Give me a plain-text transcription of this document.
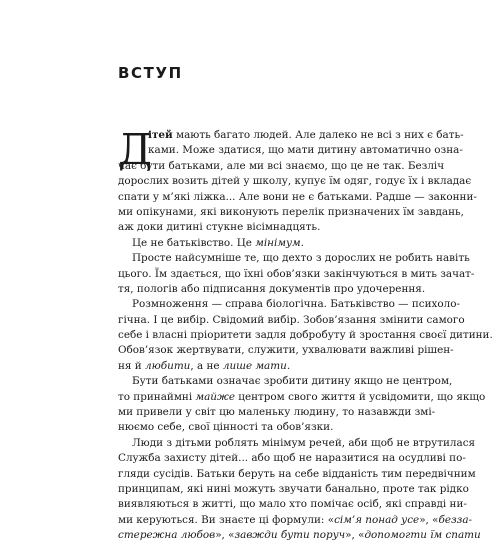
ВСТУП
Д
ітей мають багато людей. Але далеко не всі з них є бать-
ками. Може здатися, що мати дитину автоматично озна-
чає бути батьками, але ми всі знаємо, що це не так. Безліч
дорослих возить дітей у школу, купує їм одяг, годує їх і вкладає
спати у м’які ліжка... Але вони не є батьками. Радше — законни-
ми опікунами, які виконують перелік призначених їм завдань,
аж доки дитині стукне вісімнадцять.
Це не батьківство. Це мінімум.
Просте найсумніше те, що дехто з дорослих не робить навіть
цього. Їм здається, що їхні обов’язки закінчуються в мить зачат-
тя, пологів або підписання документів про удочерення.
Розмноження — справа біологічна. Батьківство — психоло-
гічна. І це вибір. Свідомий вибір. Зобов’язання змінити самого
себе і власні пріоритети задля добробуту й зростання своєї дитини.
Обов’язок жертвувати, служити, ухвалювати важливі рішен-
ня й любити, а не лише мати.
Бути батьками означає зробити дитину якщо не центром,
то принаймні майже центром свого життя й усвідомити, що якщо
ми привели у світ цю маленьку людину, то назавжди змі-
нюємо себе, свої цінності та обов’язки.
Люди з дітьми роблять мінімум речей, аби щоб не втрутилася
Служба захисту дітей... або щоб не наразитися на осудливі по-
гляди сусідів. Батьки беруть на себе відданість тим передвічним
принципам, які нині можуть звучати банально, проте так рідко
виявляються в житті, що мало хто помічає осіб, які справді ни-
ми керуються. Ви знаєте ці формули: «сім’я понад усе», «безза-
стережна любов», «завжди бути поруч», «допомогти їм спати
